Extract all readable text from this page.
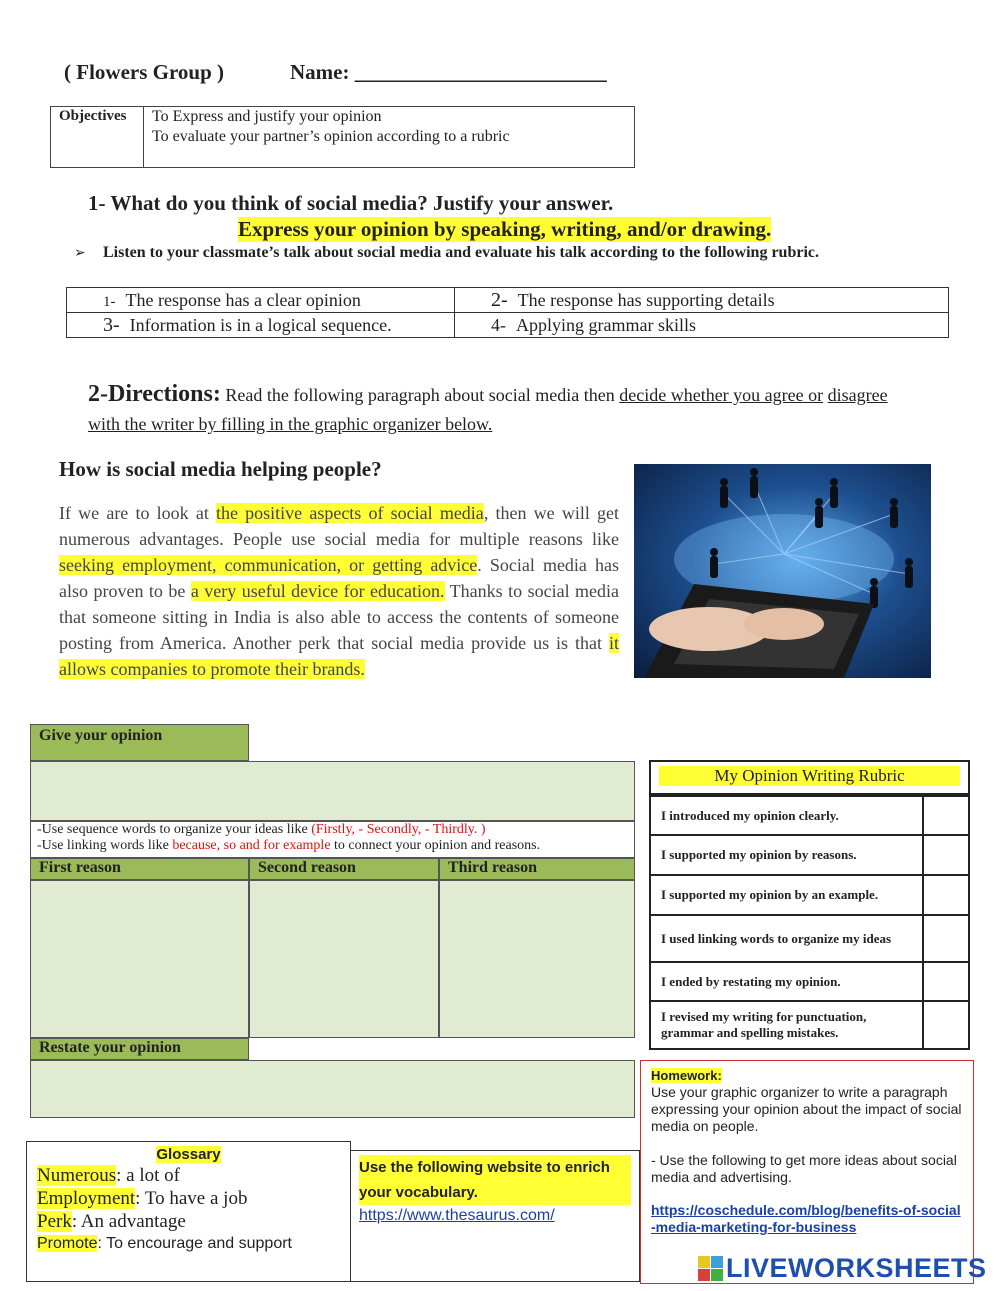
( Flowers Group )	Name: ________________________
Objectives	To Express and justify your opinion
To evaluate your partner’s opinion according to a rubric
1- What do you think of social media? Justify your answer.
Express your opinion by speaking, writing, and/or drawing.
➢ Listen to your classmate’s talk about social media and evaluate his talk according to the following rubric.
1- The response has a clear opinion	2- The response has supporting details
3- Information is in a logical sequence.	4- Applying grammar skills
2-Directions: Read the following paragraph about social media then decide whether you agree or disagree with the writer by filling in the graphic organizer below.
How is social media helping people?
If we are to look at the positive aspects of social media, then we will get numerous advantages. People use social media for multiple reasons like seeking employment, communication, or getting advice. Social media has also proven to be a very useful device for education. Thanks to social media that someone sitting in India is also able to access the contents of someone posting from America. Another perk that social media provide us is that it allows companies to promote their brands.
Give your opinion
-Use sequence words to organize your ideas like (Firstly, - Secondly, - Thirdly. )
-Use linking words like because, so and for example to connect your opinion and reasons.
First reason	Second reason	Third reason
Restate your opinion
My Opinion Writing Rubric
I introduced my opinion clearly.	
I supported my opinion by reasons.	
I supported my opinion by an example.	
I used linking words to organize my ideas	
I ended by restating my opinion.	
I revised my writing for punctuation, grammar and spelling mistakes.	
Homework:
Use your graphic organizer to write a paragraph expressing your opinion about the impact of social media on people.
- Use the following to get more ideas about social media and advertising.
https://coschedule.com/blog/benefits-of-social-media-marketing-for-business
Glossary
Numerous: a lot of
Employment: To have a job
Perk: An advantage
Promote: To encourage and support
Use the following website to enrich your vocabulary.
https://www.thesaurus.com/
LIVEWORKSHEETS
